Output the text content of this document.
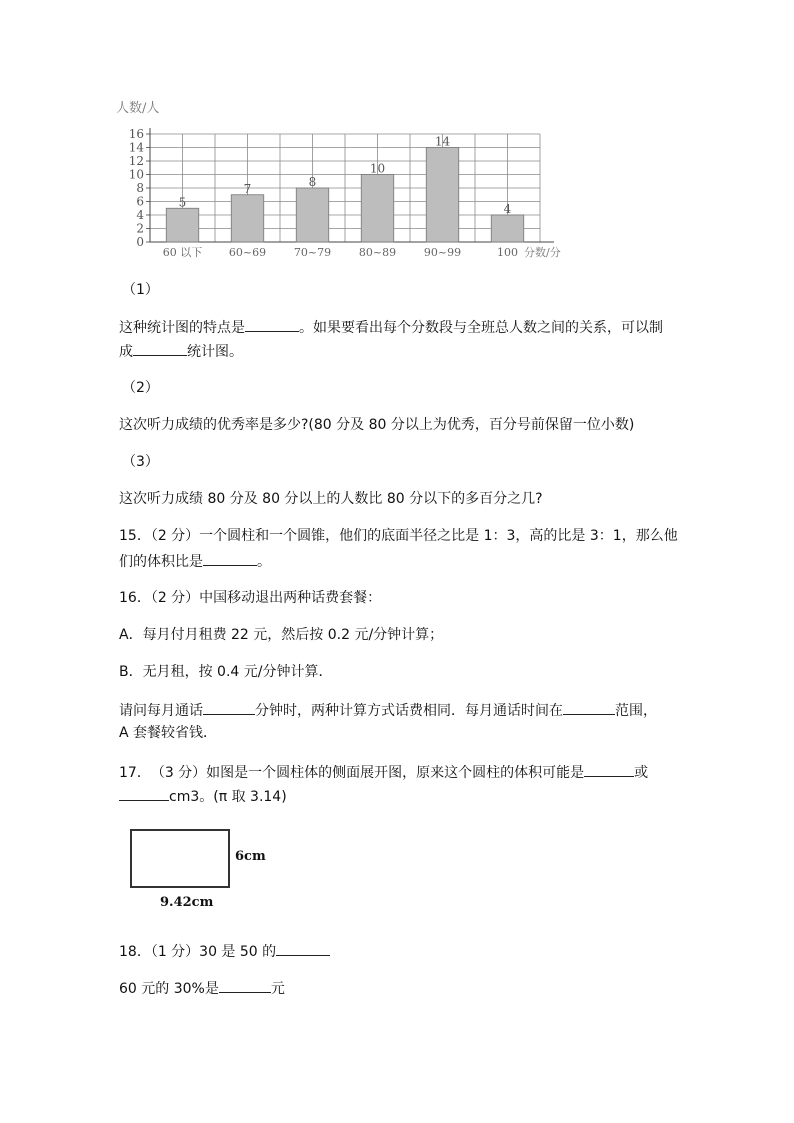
0
2
4
6
8
10
12
14
16
5
60 以下
7
60~69
8
70~79
10
80~89
14
90~99
4
100
人数/人
分数/分
（1）
这种统计图的特点是	。如果要看出每个分数段与全班总人数之间的关系，可以制
成	统计图。
（2）
这次听力成绩的优秀率是多少?(80 分及 80 分以上为优秀，百分号前保留一位小数)
（3）
这次听力成绩 80 分及 80 分以上的人数比 80 分以下的多百分之几?
15．（2 分）一个圆柱和一个圆锥，他们的底面半径之比是 1：3，高的比是 3：1，那么他
们的体积比是	。
16．（2 分）中国移动退出两种话费套餐：
A．每月付月租费 22 元，然后按 0.2 元/分钟计算；
B．无月租，按 0.4 元/分钟计算．
请问每月通话	分钟时，两种计算方式话费相同．每月通话时间在	范围，
A 套餐较省钱．
17．　（3 分）如图是一个圆柱体的侧面展开图，原来这个圆柱的体积可能是	或
cm3。(π 取 3.14)
6cm
9.42cm
18．（1 分）30 是 50 的
60 元的 30%是	元
